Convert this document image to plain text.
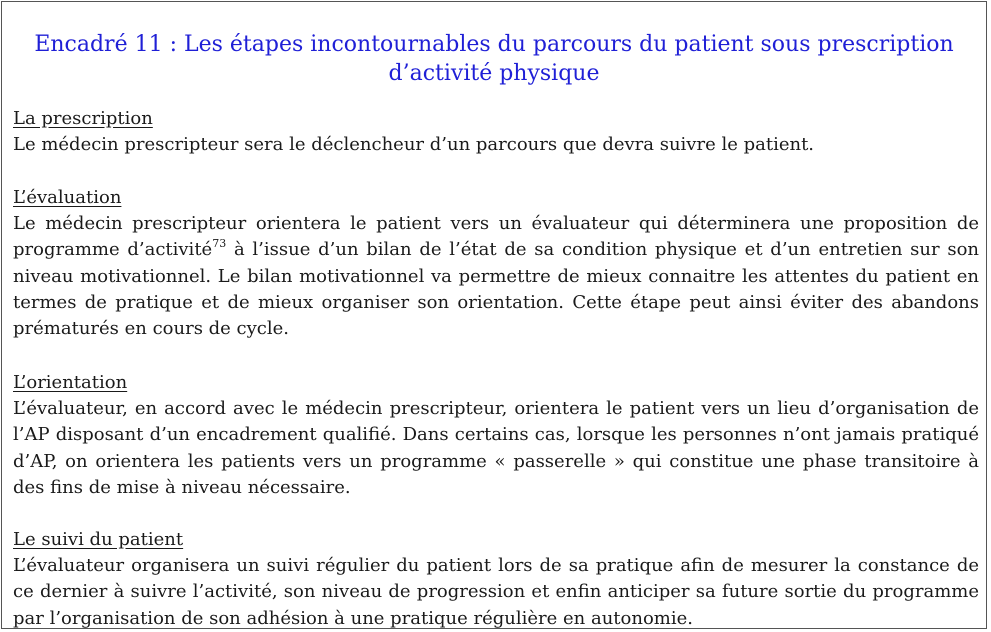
Encadré 11 : Les étapes incontournables du parcours du patient sous prescription
d’activité physique

La prescription

Le médecin prescripteur sera le déclencheur d’un parcours que devra suivre le patient.

L’évaluation

Le médecin prescripteur orientera le patient vers un évaluateur qui déterminera une proposition de programme d’activité$^{73}$ à l’issue d’un bilan de l’état de sa condition physique et d’un entretien sur son niveau motivationnel. Le bilan motivationnel va permettre de mieux connaitre les attentes du patient en termes de pratique et de mieux organiser son orientation. Cette étape peut ainsi éviter des abandons prématurés en cours de cycle.

L’orientation

L’évaluateur, en accord avec le médecin prescripteur, orientera le patient vers un lieu d’organisation de l’AP disposant d’un encadrement qualifié. Dans certains cas, lorsque les personnes n’ont jamais pratiqué d’AP, on orientera les patients vers un programme « passerelle » qui constitue une phase transitoire à des fins de mise à niveau nécessaire.

Le suivi du patient

L’évaluateur organisera un suivi régulier du patient lors de sa pratique afin de mesurer la constance de ce dernier à suivre l’activité, son niveau de progression et enfin anticiper sa future sortie du programme par l’organisation de son adhésion à une pratique régulière en autonomie.
